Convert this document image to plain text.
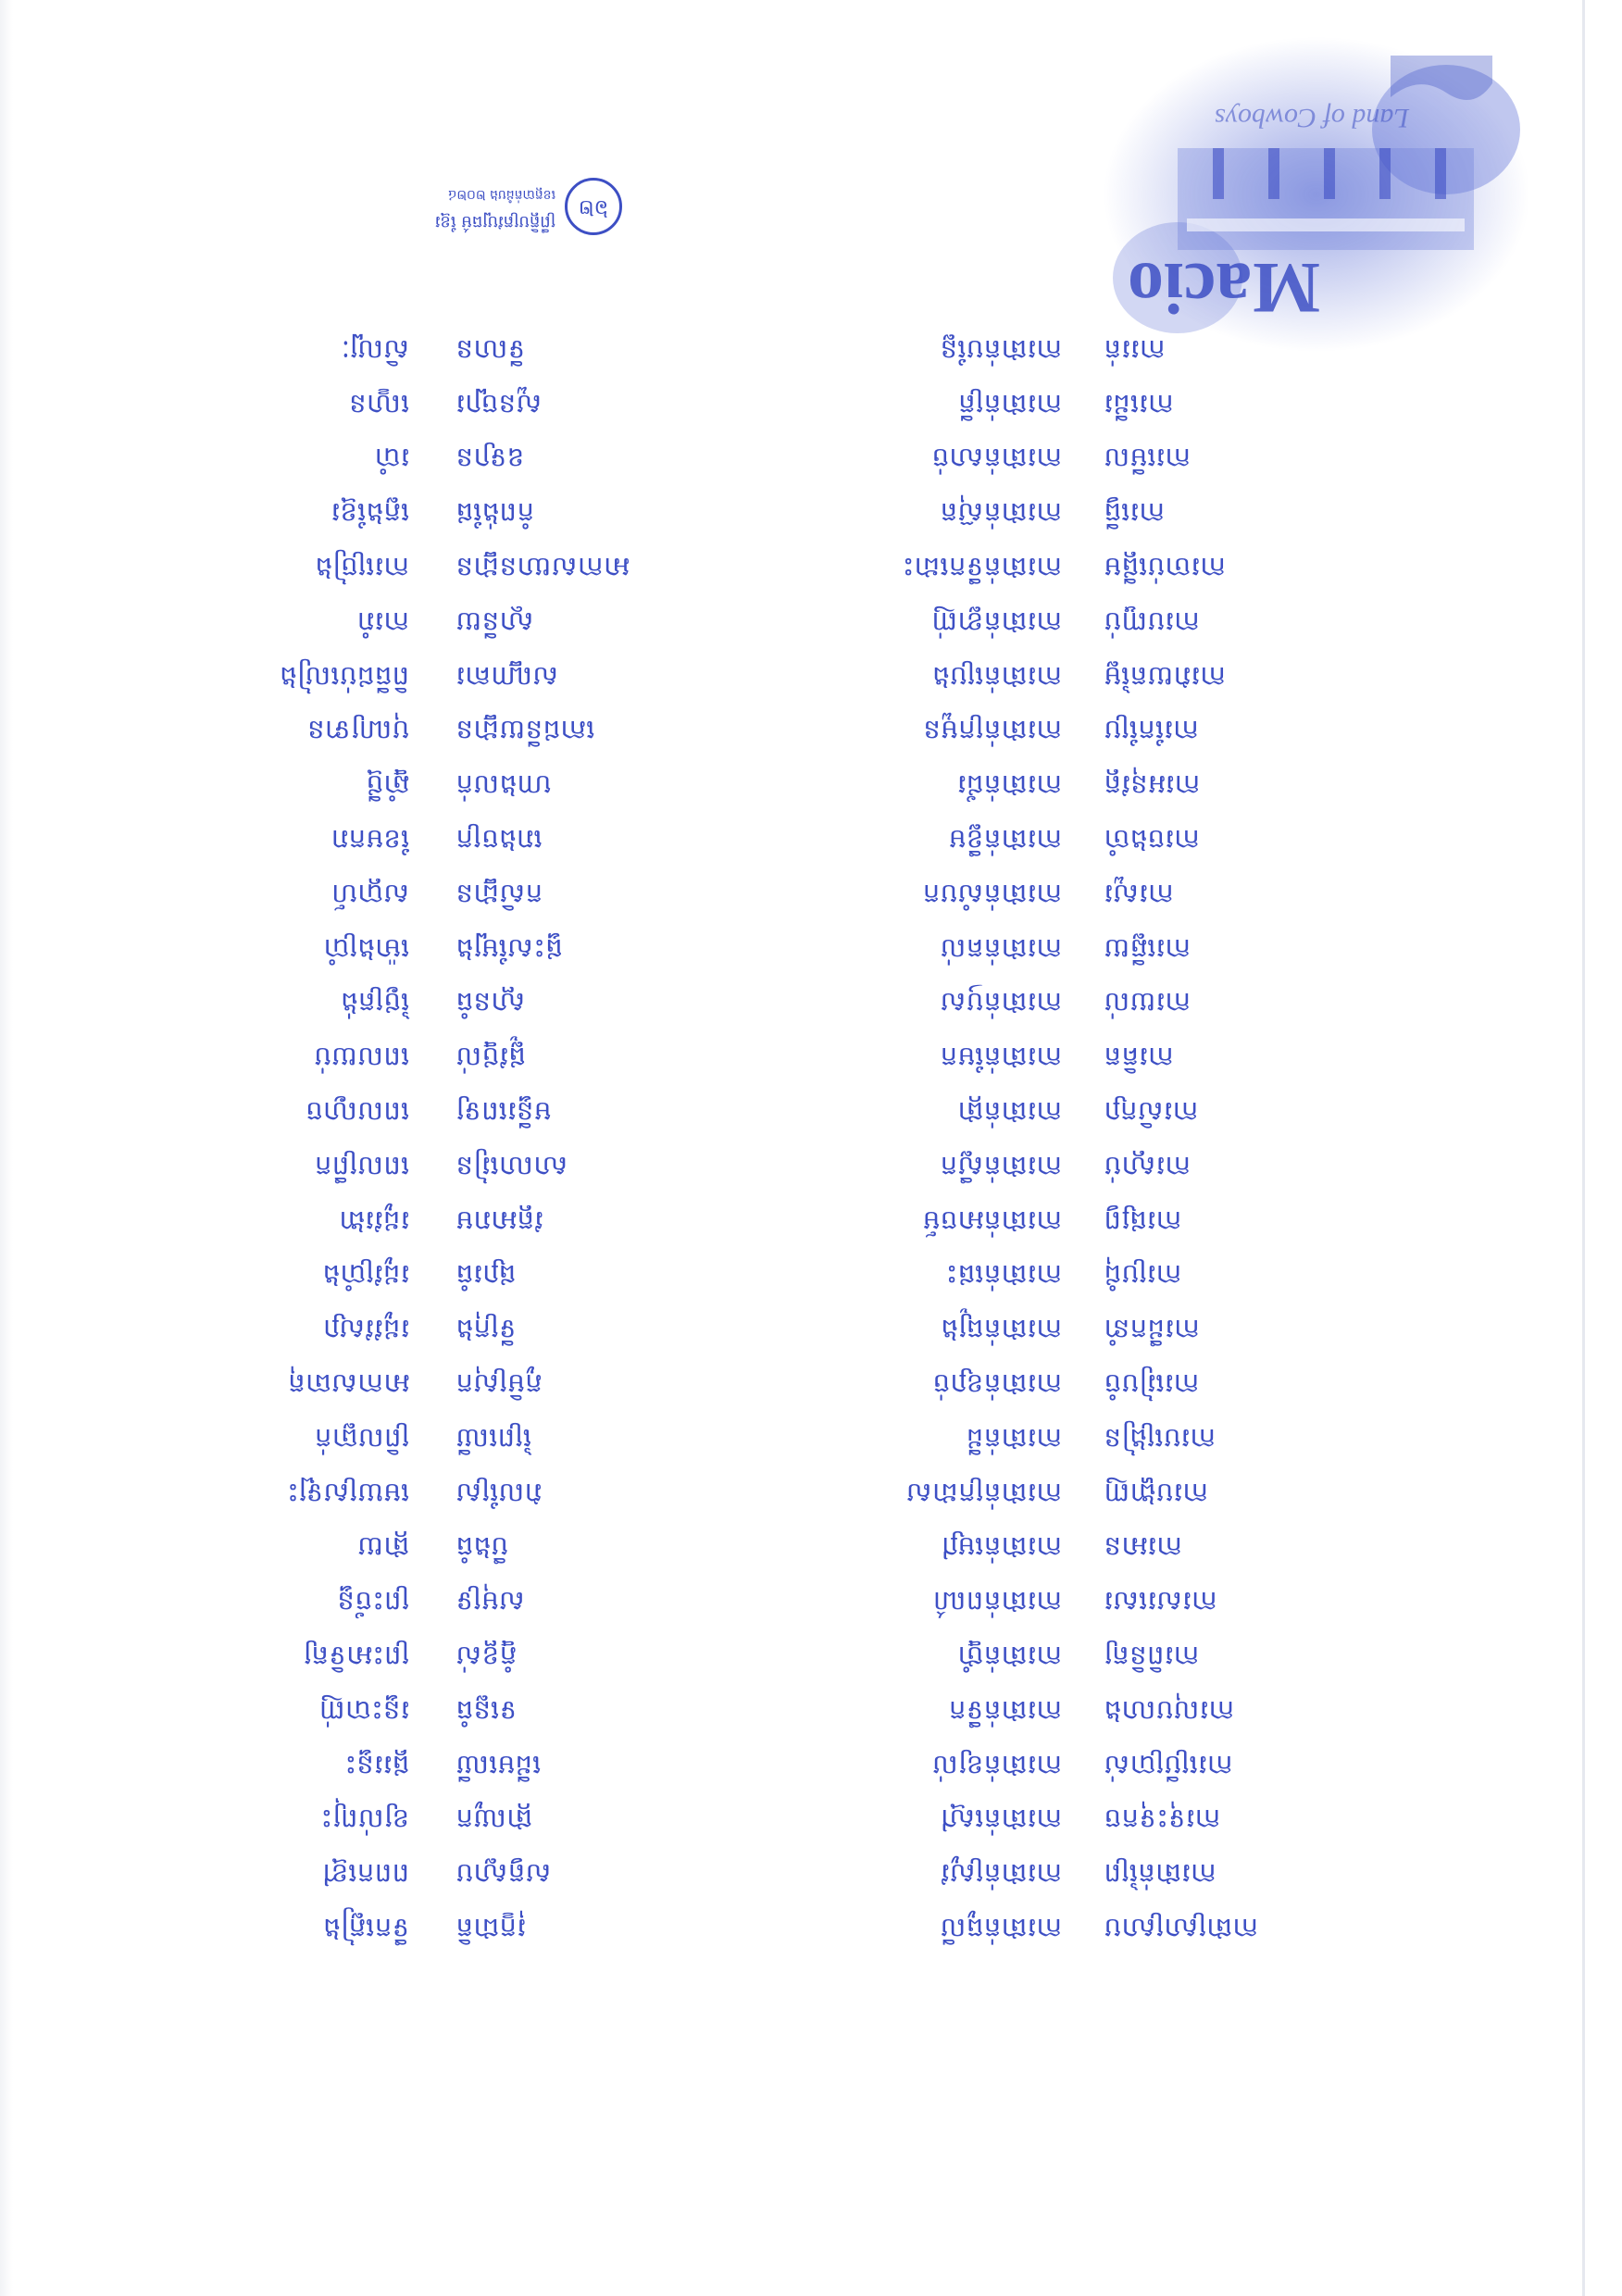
កាផាស្រាស្រាប
ការផាត់ព្រៃ
ការទុះទុកច
ការប្រើប្រាស់
ការលុបលាង
ការពិនិត្យ
ការសរសេរ
ការអាន
ការបង្ហាញ
ការបង្រៀន
ការរៀបចំ
ការដឹកនាំ
ការប្រជុំ
ការផ្សព្វ
ការស្តាប់
ការសិក្សា
ការគិត
ការយល់
ការឆ្លើយ
ការសួរ
ការចងចាំ
ការអនុវត្ត
ការកែប្រែ
ការវាយតម្លៃ
ការបញ្ចប់
ការចាប់ផ្តើម
ការធ្វើ
ការមើល
ការដើរ
ការរត់
ការផាត់ធូលី
ការផាត់ស្រូវ
ការផាត់ស្មៅ
ការផាត់ខ្យល់
ការផាត់ទឹក
ការផាត់ថ្នាំ
ការផាត់ពណ៌
ការផាត់ម្សៅ
ការផាត់ក្រដាស
ការផាត់ដី
ការផាត់ខ្សាច់
ការផាត់ធ្យូង
ការផាត់ផេះ
ការផាត់អាចម៍
ការផាត់ស្លឹក
ការផាត់ផ្កា
ការផាត់មែក
ការផាត់ឫស
ការផាត់គល់
ការផាត់សំបក
ការផាត់ខ្លឹម
ការផាត់ជ័រ
ការផាត់ក្រមួន
ការផាត់ប្រេង
ការផាត់ខ្លាញ់
ការផាត់ទឹកដោះ
ការផាត់ស៊ុត
ការផាត់សាច់
ការផាត់ត្រី
ការផាត់បន្លែ
រុក្ខជាតិ
សត្វស្លាប
ផ្កាឈូក
ដើមឈើ
ទន្លេធំ
ភ្នំខ្ពស់
សមុទ្រ
បឹងធំ
វាលស្រែ
ព្រៃឈើ
ភូមិស្រុក
ទីក្រុង
ផ្សារធំ
វត្តអារាម
សាលារៀន
មន្ទីរពេទ្យ
ផ្លូវថ្នល់
ស្ពានធំ
ផ្ទះសម្បែង
កសិដ្ឋាន
រោងចក្រ
ហាងលក់
ភោជនីយដ្ឋាន
សណ្ឋាគារ
ស្ថានីយ
អាកាសយានដ្ឋាន
កំពង់ផែ
ឧទ្យាន
សួនច្បារ
ទីលាន
ទឹកភ្លៀង
ពពកខ្មៅ
ខ្យល់ព្យុះ
ផ្គររន្ទះ
រន្ទះបាញ់
ព្រះអាទិត្យ
ព្រះច័ន្ទ
ផ្កាយ
មេឃស្រឡះ
ព្រិលធ្លាក់
អាកាសធាតុ
រដូវវស្សា
រដូវប្រាំង
រដូវរងា
ពេលព្រឹក
ពេលល្ងាច
ពេលយប់
ថ្ងៃត្រង់
ម៉ោងប្រាំ
សប្តាហ៍
ខែមករា
ឆ្នាំថ្មី
បុណ្យទាន
ពិធីជប់លៀង
ការរាំ
ការច្រៀង
ភ្លេងខ្មែរ
របាំ
ល្ខោន
សិល្បៈ
៦២
ព្រឹត្តិបត្រវប្បធម៌ ខ្មែរ
ខេត្តបាត់ដំបង ២០២៤
Macio
Land of Cowboys
